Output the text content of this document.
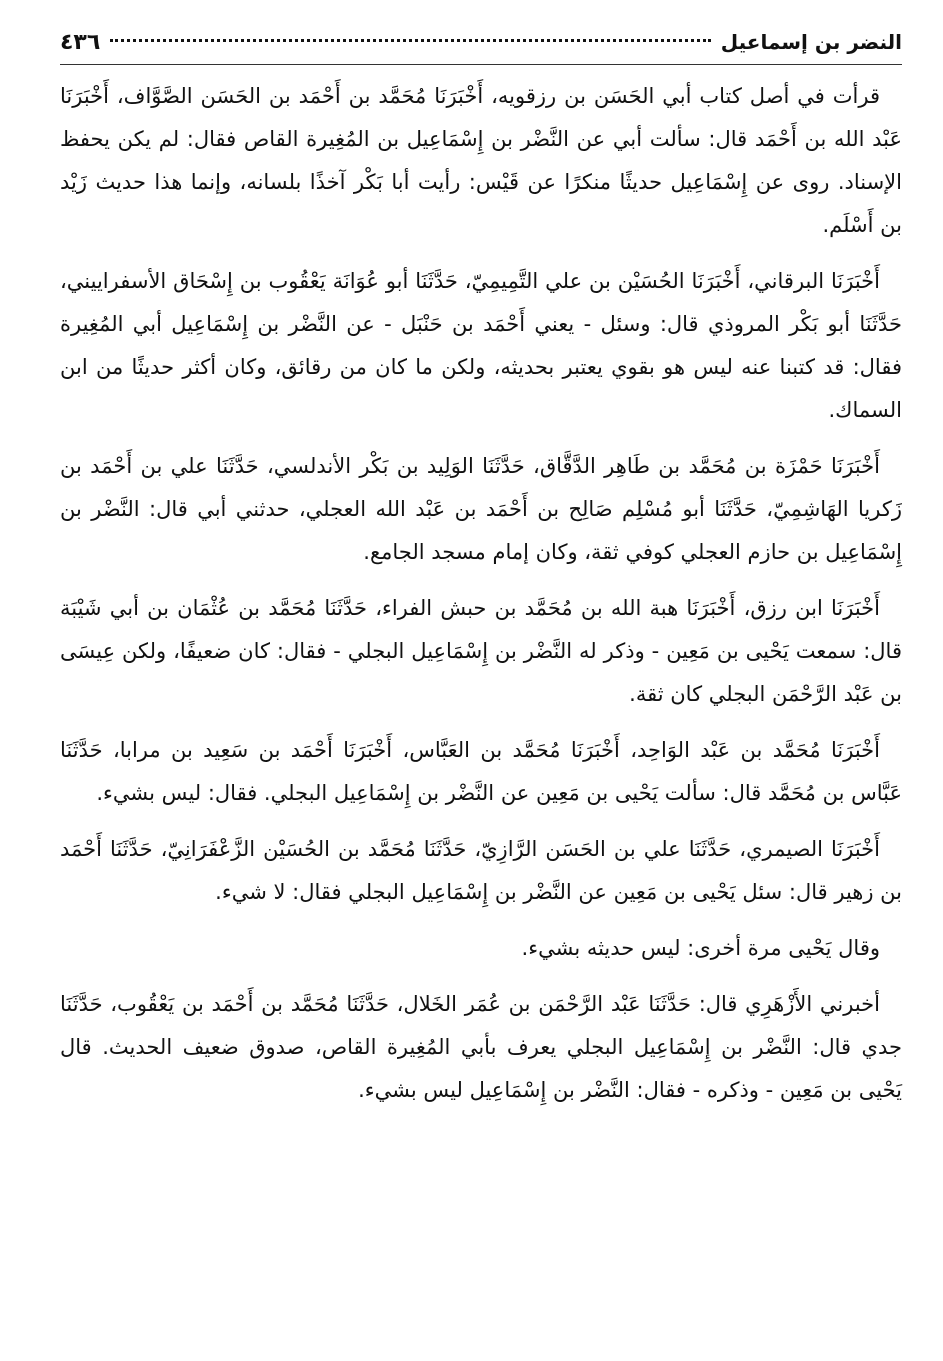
النضر بن إسماعيل
٤٣٦

قرأت في أصل كتاب أبي الحَسَن بن رزقويه، أَخْبَرَنَا مُحَمَّد بن أَحْمَد بن الحَسَن الصَّوَّاف، أَخْبَرَنَا عَبْد الله بن أَحْمَد قال: سألت أبي عن النَّضْر بن إِسْمَاعِيل بن المُغِيرة القاص فقال: لم يكن يحفظ الإسناد. روى عن إِسْمَاعِيل حديثًا منكرًا عن قَيْس: رأيت أبا بَكْر آخذًا بلسانه، وإنما هذا حديث زَيْد بن أَسْلَم.

أَخْبَرَنَا البرقاني، أَخْبَرَنَا الحُسَيْن بن علي التَّمِيمِيّ، حَدَّثَنَا أبو عُوَانَة يَعْقُوب بن إِسْحَاق الأسفراييني، حَدَّثَنَا أبو بَكْر المروذي قال: وسئل - يعني أَحْمَد بن حَنْبَل - عن النَّضْر بن إِسْمَاعِيل أبي المُغِيرة فقال: قد كتبنا عنه ليس هو بقوي يعتبر بحديثه، ولكن ما كان من رقائق، وكان أكثر حديثًا من ابن السماك.

أَخْبَرَنَا حَمْزَة بن مُحَمَّد بن طَاهِر الدَّقَّاق، حَدَّثَنَا الوَلِيد بن بَكْر الأندلسي، حَدَّثَنَا علي بن أَحْمَد بن زَكريا الهَاشِمِيّ، حَدَّثَنَا أبو مُسْلِم صَالِح بن أَحْمَد بن عَبْد الله العجلي، حدثني أبي قال: النَّضْر بن إِسْمَاعِيل بن حازم العجلي كوفي ثقة، وكان إمام مسجد الجامع.

أَخْبَرَنَا ابن رزق، أَخْبَرَنَا هبة الله بن مُحَمَّد بن حبش الفراء، حَدَّثَنَا مُحَمَّد بن عُثْمَان بن أبي شَيْبَة قال: سمعت يَحْيى بن مَعِين - وذكر له النَّضْر بن إِسْمَاعِيل البجلي - فقال: كان ضعيفًا، ولكن عِيسَى بن عَبْد الرَّحْمَن البجلي كان ثقة.

أَخْبَرَنَا مُحَمَّد بن عَبْد الوَاحِد، أَخْبَرَنَا مُحَمَّد بن العَبَّاس، أَخْبَرَنَا أَحْمَد بن سَعِيد بن مرابا، حَدَّثَنَا عَبَّاس بن مُحَمَّد قال: سألت يَحْيى بن مَعِين عن النَّضْر بن إِسْمَاعِيل البجلي. فقال: ليس بشيء.

أَخْبَرَنَا الصيمري، حَدَّثَنَا علي بن الحَسَن الرَّازِيّ، حَدَّثَنَا مُحَمَّد بن الحُسَيْن الزَّعْفَرَانِيّ، حَدَّثَنَا أَحْمَد بن زهير قال: سئل يَحْيى بن مَعِين عن النَّضْر بن إِسْمَاعِيل البجلي فقال: لا شيء.

وقال يَحْيى مرة أخرى: ليس حديثه بشيء.

أخبرني الأَزْهَرِي قال: حَدَّثَنَا عَبْد الرَّحْمَن بن عُمَر الخَلال، حَدَّثَنَا مُحَمَّد بن أَحْمَد بن يَعْقُوب، حَدَّثَنَا جدي قال: النَّضْر بن إِسْمَاعِيل البجلي يعرف بأبي المُغِيرة القاص، صدوق ضعيف الحديث. قال يَحْيى بن مَعِين - وذكره - فقال: النَّضْر بن إِسْمَاعِيل ليس بشيء.
